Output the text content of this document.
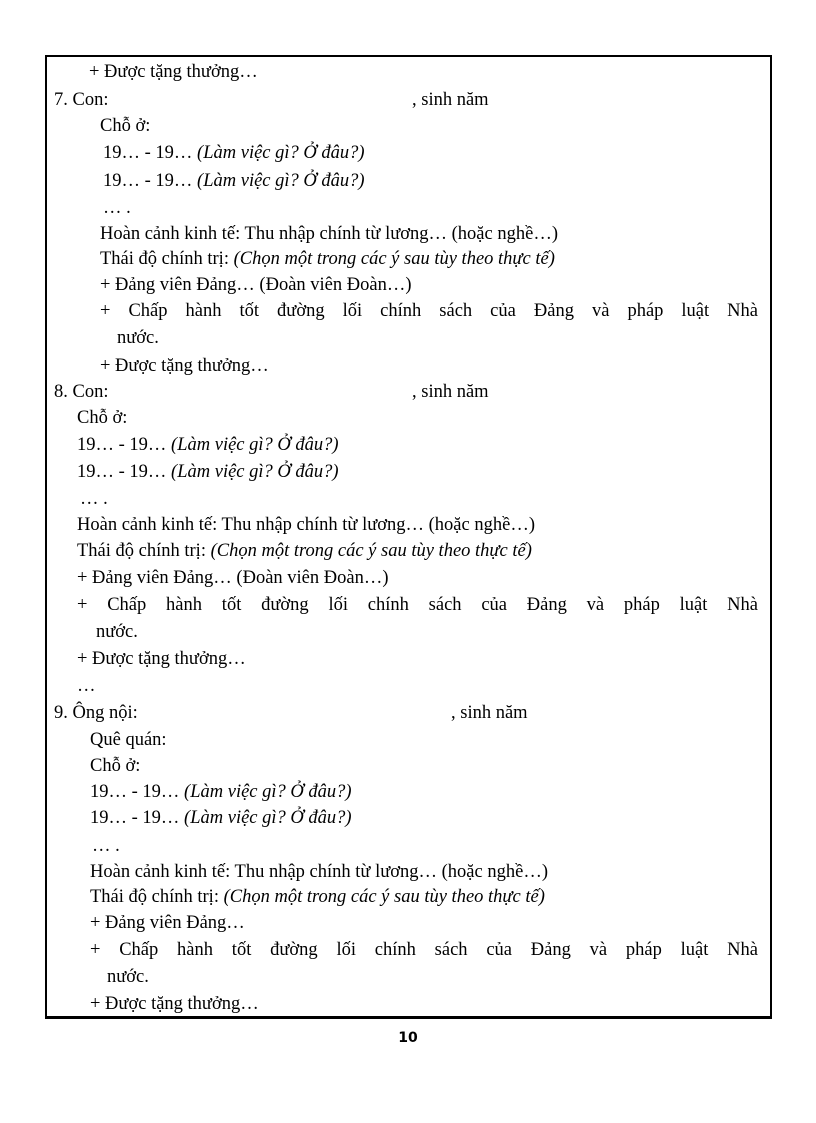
+ Được tặng thưởng…
7. Con:	, sinh năm
Chỗ ở:
19… - 19… (Làm việc gì? Ở đâu?)
19… - 19… (Làm việc gì? Ở đâu?)
… .
Hoàn cảnh kinh tế: Thu nhập chính từ lương… (hoặc nghề…)
Thái độ chính trị: (Chọn một trong các ý sau tùy theo thực tế)
+ Đảng viên Đảng… (Đoàn viên Đoàn…)
+ Chấp hành tốt đường lối chính sách của Đảng và pháp luật Nhà
nước.
+ Được tặng thưởng…
8. Con:	, sinh năm
Chỗ ở:
19… - 19… (Làm việc gì? Ở đâu?)
19… - 19… (Làm việc gì? Ở đâu?)
… .
Hoàn cảnh kinh tế: Thu nhập chính từ lương… (hoặc nghề…)
Thái độ chính trị: (Chọn một trong các ý sau tùy theo thực tế)
+ Đảng viên Đảng… (Đoàn viên Đoàn…)
+ Chấp hành tốt đường lối chính sách của Đảng và pháp luật Nhà
nước.
+ Được tặng thưởng…
…
9. Ông nội:	, sinh năm
Quê quán:
Chỗ ở:
19… - 19… (Làm việc gì? Ở đâu?)
19… - 19… (Làm việc gì? Ở đâu?)
… .
Hoàn cảnh kinh tế: Thu nhập chính từ lương… (hoặc nghề…)
Thái độ chính trị: (Chọn một trong các ý sau tùy theo thực tế)
+ Đảng viên Đảng…
+ Chấp hành tốt đường lối chính sách của Đảng và pháp luật Nhà
nước.
+ Được tặng thưởng…
10
